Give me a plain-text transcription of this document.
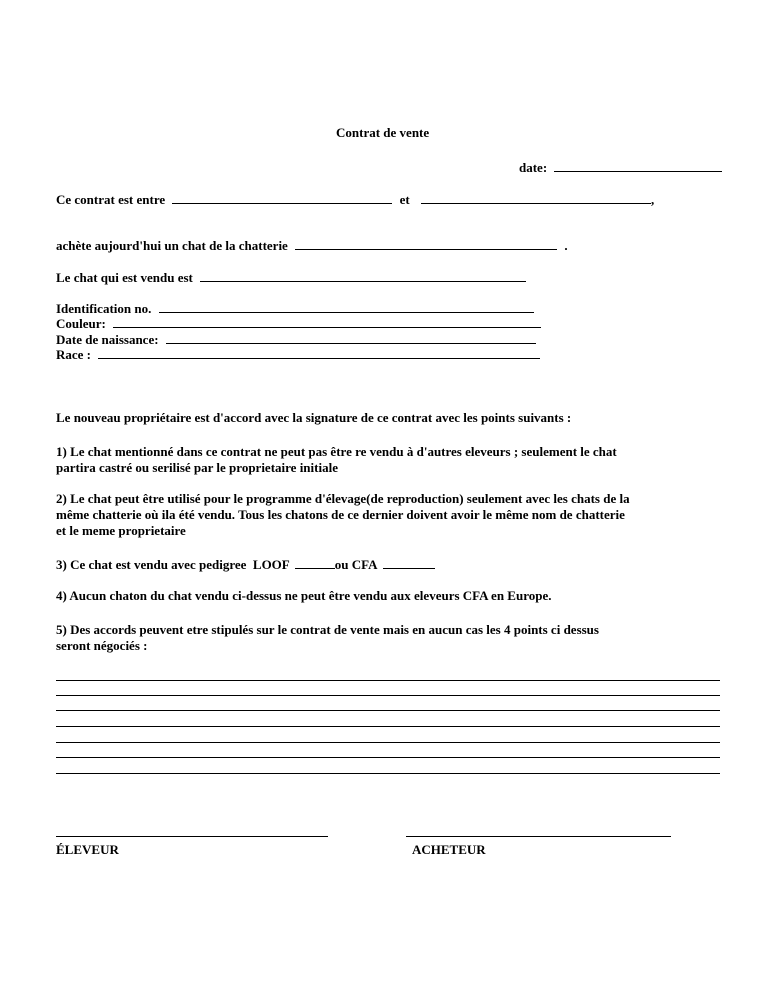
Contrat de vente
date:
Ce contrat est entre	et	,
achète aujourd'hui un chat de la chatterie	.
Le chat qui est vendu est
Identification no.
Couleur:
Date de naissance:
Race :
Le nouveau propriétaire est d'accord avec la signature de ce contrat avec les points suivants :
1) Le chat mentionné dans ce contrat ne peut pas être re vendu à d'autres eleveurs ; seulement le chat
partira castré ou serilisé par le proprietaire initiale
2) Le chat peut être utilisé pour le programme d'élevage(de reproduction) seulement avec les chats de la
même chatterie où ila été vendu. Tous les chatons de ce dernier doivent avoir le même nom de chatterie
et le meme proprietaire
3) Ce chat est vendu avec pedigree  LOOF	ou CFA
4) Aucun chaton du chat vendu ci-dessus ne peut être vendu aux eleveurs CFA en Europe.
5) Des accords peuvent etre stipulés sur le contrat de vente mais en aucun cas les 4 points ci dessus
seront négociés :
ÉLEVEUR	ACHETEUR
